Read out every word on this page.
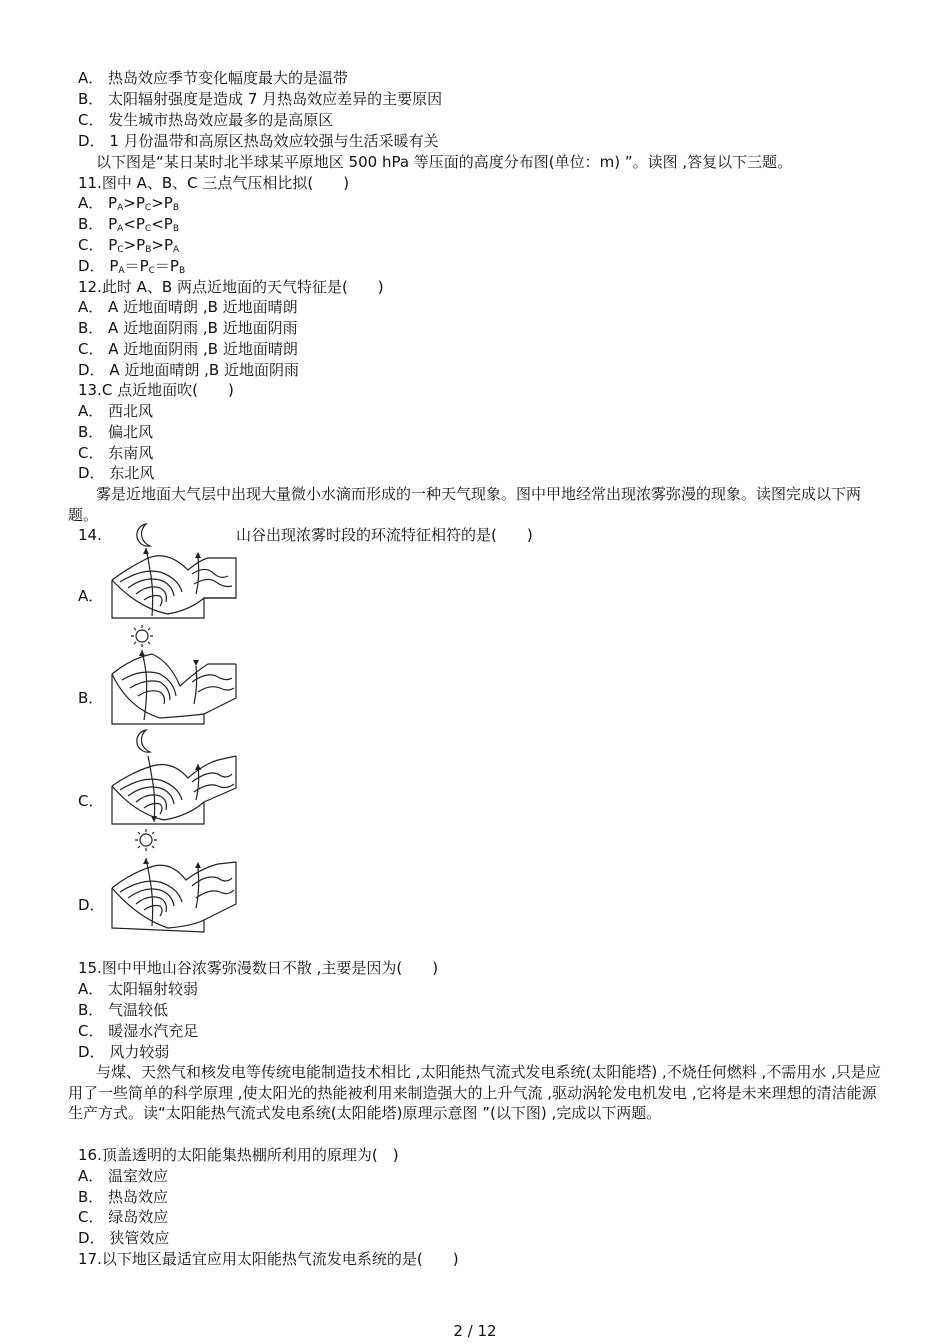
A． 热岛效应季节变化幅度最大的是温带
B． 太阳辐射强度是造成 7 月热岛效应差异的主要原因
C． 发生城市热岛效应最多的是高原区
D． 1 月份温带和高原区热岛效应较强与生活采暖有关
以下图是“某日某时北半球某平原地区 500 hPa 等压面的高度分布图(单位：m) ”。读图 ,答复以下三题。
11.图中 A、B、C 三点气压相比拟(　　)
A． $P_A>P_C>P_B$
B． $P_A<P_C<P_B$
C． $P_C>P_B>P_A$
D． $P_A=P_C=P_B$
12.此时 A、B 两点近地面的天气特征是(　　)
A． A 近地面晴朗 ,B 近地面晴朗
B． A 近地面阴雨 ,B 近地面阴雨
C． A 近地面阴雨 ,B 近地面晴朗
D． A 近地面晴朗 ,B 近地面阴雨
13.C 点近地面吹(　　)
A． 西北风
B． 偏北风
C． 东南风
D． 东北风
雾是近地面大气层中出现大量微小水滴而形成的一种天气现象。图中甲地经常出现浓雾弥漫的现象。读图完成以下两题。
14.	山谷出现浓雾时段的环流特征相符的是(　　)
A．
B．
C．
D．
15.图中甲地山谷浓雾弥漫数日不散 ,主要是因为(　　)
A． 太阳辐射较弱
B． 气温较低
C． 暖湿水汽充足
D． 风力较弱
与煤、天然气和核发电等传统电能制造技术相比 ,太阳能热气流式发电系统(太阳能塔) ,不烧任何燃料 ,不需用水 ,只是应用了一些简单的科学原理 ,使太阳光的热能被利用来制造强大的上升气流 ,驱动涡轮发电机发电 ,它将是未来理想的清洁能源生产方式。读“太阳能热气流式发电系统(太阳能塔)原理示意图 ”(以下图) ,完成以下两题。
16.顶盖透明的太阳能集热棚所利用的原理为(　)
A． 温室效应
B． 热岛效应
C． 绿岛效应
D． 狭管效应
17.以下地区最适宜应用太阳能热气流发电系统的是(　　)
2 / 12
